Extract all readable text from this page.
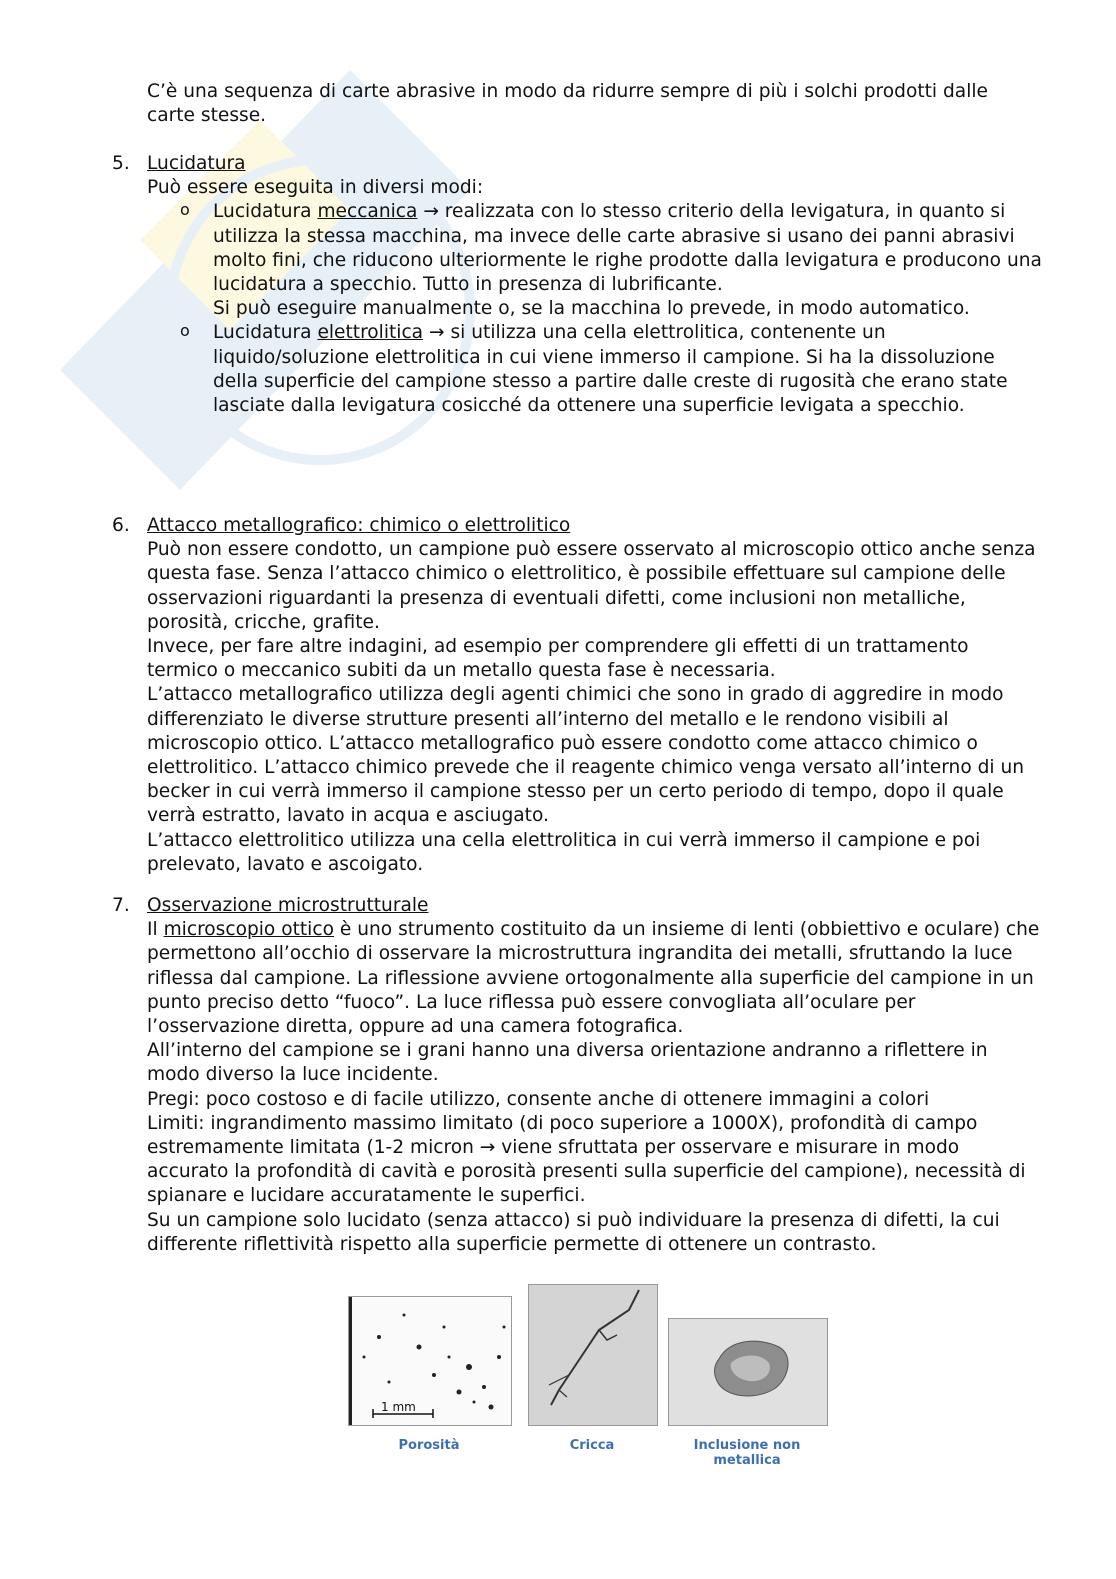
C’è una sequenza di carte abrasive in modo da ridurre sempre di più i solchi prodotti dalle carte stesse.

5. Lucidatura

Può essere eseguita in diversi modi:

o Lucidatura meccanica → realizzata con lo stesso criterio della levigatura, in quanto si utilizza la stessa macchina, ma invece delle carte abrasive si usano dei panni abrasivi molto fini, che riducono ulteriormente le righe prodotte dalla levigatura e producono una lucidatura a specchio. Tutto in presenza di lubrificante.

Si può eseguire manualmente o, se la macchina lo prevede, in modo automatico.

o Lucidatura elettrolitica → si utilizza una cella elettrolitica, contenente un liquido/soluzione elettrolitica in cui viene immerso il campione. Si ha la dissoluzione della superficie del campione stesso a partire dalle creste di rugosità che erano state lasciate dalla levigatura cosicché da ottenere una superficie levigata a specchio.

6. Attacco metallografico: chimico o elettrolitico

Può non essere condotto, un campione può essere osservato al microscopio ottico anche senza questa fase. Senza l’attacco chimico o elettrolitico, è possibile effettuare sul campione delle osservazioni riguardanti la presenza di eventuali difetti, come inclusioni non metalliche, porosità, cricche, grafite.

Invece, per fare altre indagini, ad esempio per comprendere gli effetti di un trattamento termico o meccanico subiti da un metallo questa fase è necessaria.

L’attacco metallografico utilizza degli agenti chimici che sono in grado di aggredire in modo differenziato le diverse strutture presenti all’interno del metallo e le rendono visibili al microscopio ottico. L’attacco metallografico può essere condotto come attacco chimico o elettrolitico. L’attacco chimico prevede che il reagente chimico venga versato all’interno di un becker in cui verrà immerso il campione stesso per un certo periodo di tempo, dopo il quale verrà estratto, lavato in acqua e asciugato.

L’attacco elettrolitico utilizza una cella elettrolitica in cui verrà immerso il campione e poi prelevato, lavato e ascoigato.

7. Osservazione microstrutturale

Il microscopio ottico è uno strumento costituito da un insieme di lenti (obbiettivo e oculare) che permettono all’occhio di osservare la microstruttura ingrandita dei metalli, sfruttando la luce riflessa dal campione. La riflessione avviene ortogonalmente alla superficie del campione in un punto preciso detto “fuoco”. La luce riflessa può essere convogliata all’oculare per l’osservazione diretta, oppure ad una camera fotografica.

All’interno del campione se i grani hanno una diversa orientazione andranno a riflettere in modo diverso la luce incidente.

Pregi: poco costoso e di facile utilizzo, consente anche di ottenere immagini a colori

Limiti: ingrandimento massimo limitato (di poco superiore a 1000X), profondità di campo estremamente limitata (1-2 micron → viene sfruttata per osservare e misurare in modo accurato la profondità di cavità e porosità presenti sulla superficie del campione), necessità di spianare e lucidare accuratamente le superfici.

Su un campione solo lucidato (senza attacco) si può individuare la presenza di difetti, la cui differente riflettività rispetto alla superficie permette di ottenere un contrasto.

1 mm
Porosità	Cricca	Inclusione non metallica
